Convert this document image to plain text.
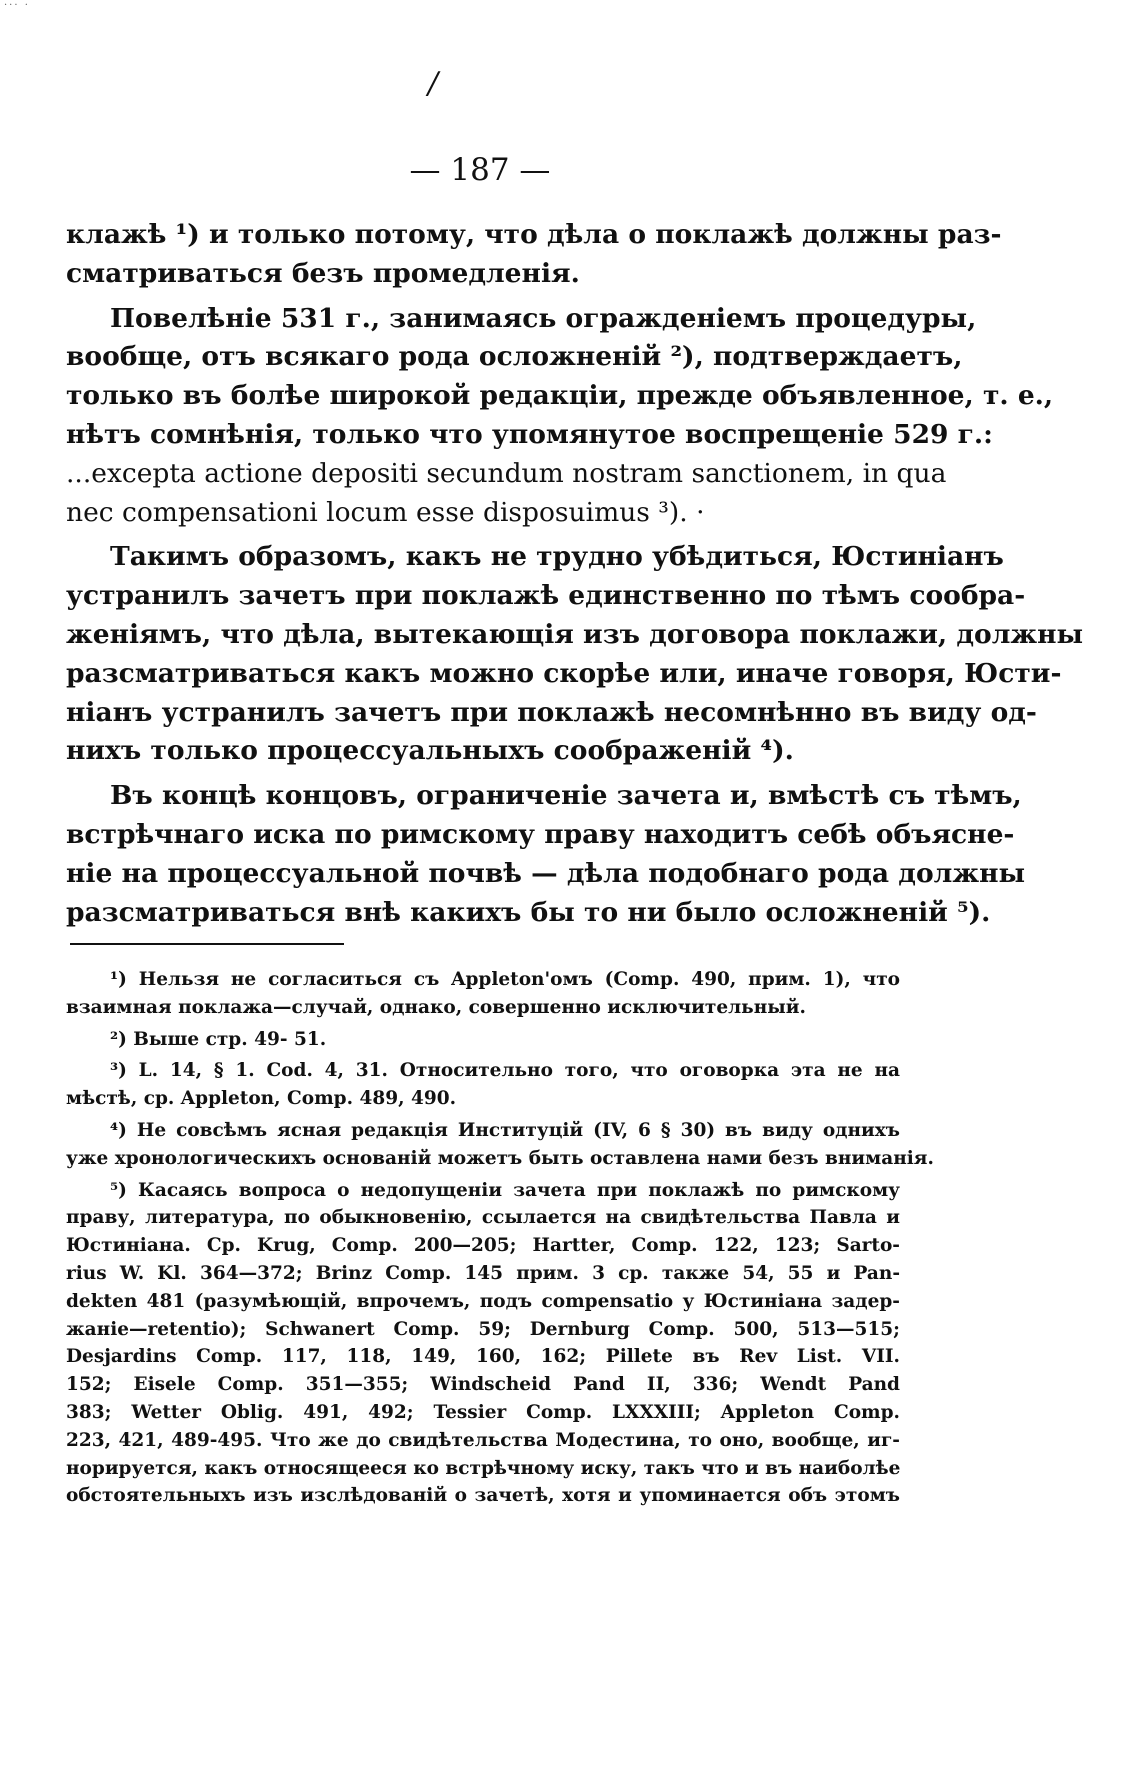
··· ·
/
— 187 —
клажѣ ¹) и только потому, что дѣла о поклажѣ должны раз-
сматриваться безъ промедленія.
Повелѣніе 531 г., занимаясь огражденіемъ процедуры,
вообще, отъ всякаго рода осложненій ²), подтверждаетъ,
только въ болѣе широкой редакціи, прежде объявленное, т. е.,
нѣтъ сомнѣнія, только что упомянутое воспрещеніе 529 г.:
...excepta actione depositi secundum nostram sanctionem, in qua
nec compensationi locum esse disposuimus ³). ·
Такимъ образомъ, какъ не трудно убѣдиться, Юстиніанъ
устранилъ зачетъ при поклажѣ единственно по тѣмъ сообра-
женіямъ, что дѣла, вытекающія изъ договора поклажи, должны
разсматриваться какъ можно скорѣе или, иначе говоря, Юсти-
ніанъ устранилъ зачетъ при поклажѣ несомнѣнно въ виду од-
нихъ только процессуальныхъ соображеній ⁴).
Въ концѣ концовъ, ограниченіе зачета и, вмѣстѣ съ тѣмъ,
встрѣчнаго иска по римскому праву находитъ себѣ объясне-
ніе на процессуальной почвѣ — дѣла подобнаго рода должны
разсматриваться внѣ какихъ бы то ни было осложненій ⁵).
¹) Нельзя не согласиться съ Appleton'омъ (Comp. 490, прим. 1), что
взаимная поклажа—случай, однако, совершенно исключительный.
²) Выше стр. 49- 51.
³) L. 14, § 1. Cod. 4, 31. Относительно того, что оговорка эта не на
мѣстѣ, ср. Appleton, Comp. 489, 490.
⁴) Не совсѣмъ ясная редакція Институцій (IV, 6 § 30) въ виду однихъ
уже хронологическихъ основаній можетъ быть оставлена нами безъ вниманія.
⁵) Касаясь вопроса о недопущеніи зачета при поклажѣ по римскому
праву, литература, по обыкновенію, ссылается на свидѣтельства Павла и
Юстиніана. Ср. Krug, Comp. 200—205; Hartter, Comp. 122, 123; Sarto-
rius W. Kl. 364—372; Brinz Comp. 145 прим. 3 ср. также 54, 55 и Pan-
dekten 481 (разумѣющій, впрочемъ, подъ compensatio у Юстиніана задер-
жаніе—retentio); Schwanert Comp. 59; Dernburg Comp. 500, 513—515;
Desjardins Comp. 117, 118, 149, 160, 162; Pillete въ Rev List. VII.
152; Eisele Comp. 351—355; Windscheid Pand II, 336; Wendt Pand
383; Wetter Oblig. 491, 492; Tessier Comp. LXXXIII; Appleton Comp.
223, 421, 489-495. Что же до свидѣтельства Модестина, то оно, вообще, иг-
норируется, какъ относящееся ко встрѣчному иску, такъ что и въ наиболѣе
обстоятельныхъ изъ изслѣдованій о зачетѣ, хотя и упоминается объ этомъ
